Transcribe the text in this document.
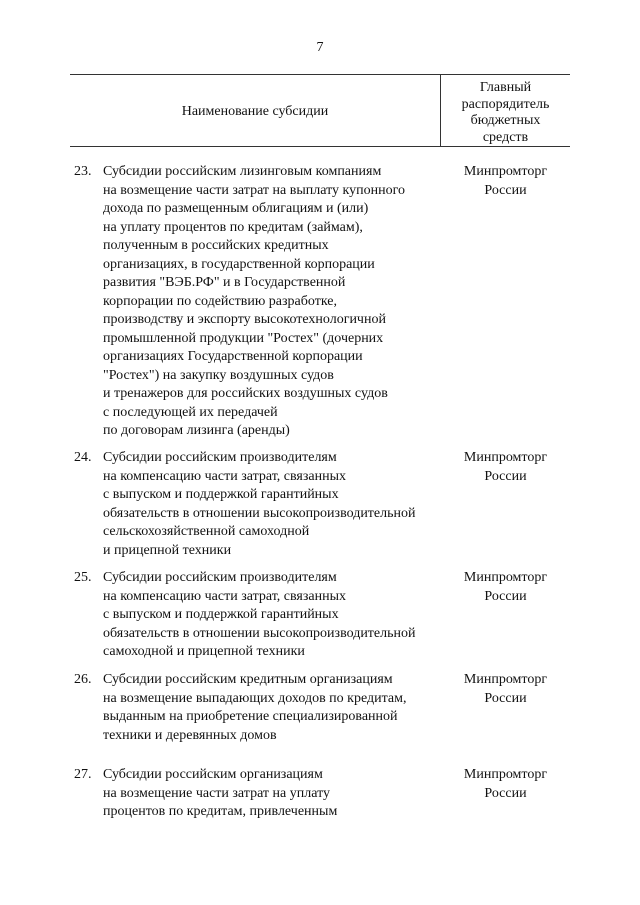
7
Наименование субсидии
Главный
распорядитель
бюджетных
средств
23. Субсидии российским лизинговым компаниям
на возмещение части затрат на выплату купонного
дохода по размещенным облигациям и (или)
на уплату процентов по кредитам (займам),
полученным в российских кредитных
организациях, в государственной корпорации
развития "ВЭБ.РФ" и в Государственной
корпорации по содействию разработке,
производству и экспорту высокотехнологичной
промышленной продукции "Ростех" (дочерних
организациях Государственной корпорации
"Ростех") на закупку воздушных судов
и тренажеров для российских воздушных судов
с последующей их передачей
по договорам лизинга (аренды)
Минпромторг
России
24. Субсидии российским производителям
на компенсацию части затрат, связанных
с выпуском и поддержкой гарантийных
обязательств в отношении высокопроизводительной
сельскохозяйственной самоходной
и прицепной техники
Минпромторг
России
25. Субсидии российским производителям
на компенсацию части затрат, связанных
с выпуском и поддержкой гарантийных
обязательств в отношении высокопроизводительной
самоходной и прицепной техники
Минпромторг
России
26. Субсидии российским кредитным организациям
на возмещение выпадающих доходов по кредитам,
выданным на приобретение специализированной
техники и деревянных домов
Минпромторг
России
27. Субсидии российским организациям
на возмещение части затрат на уплату
процентов по кредитам, привлеченным
Минпромторг
России
